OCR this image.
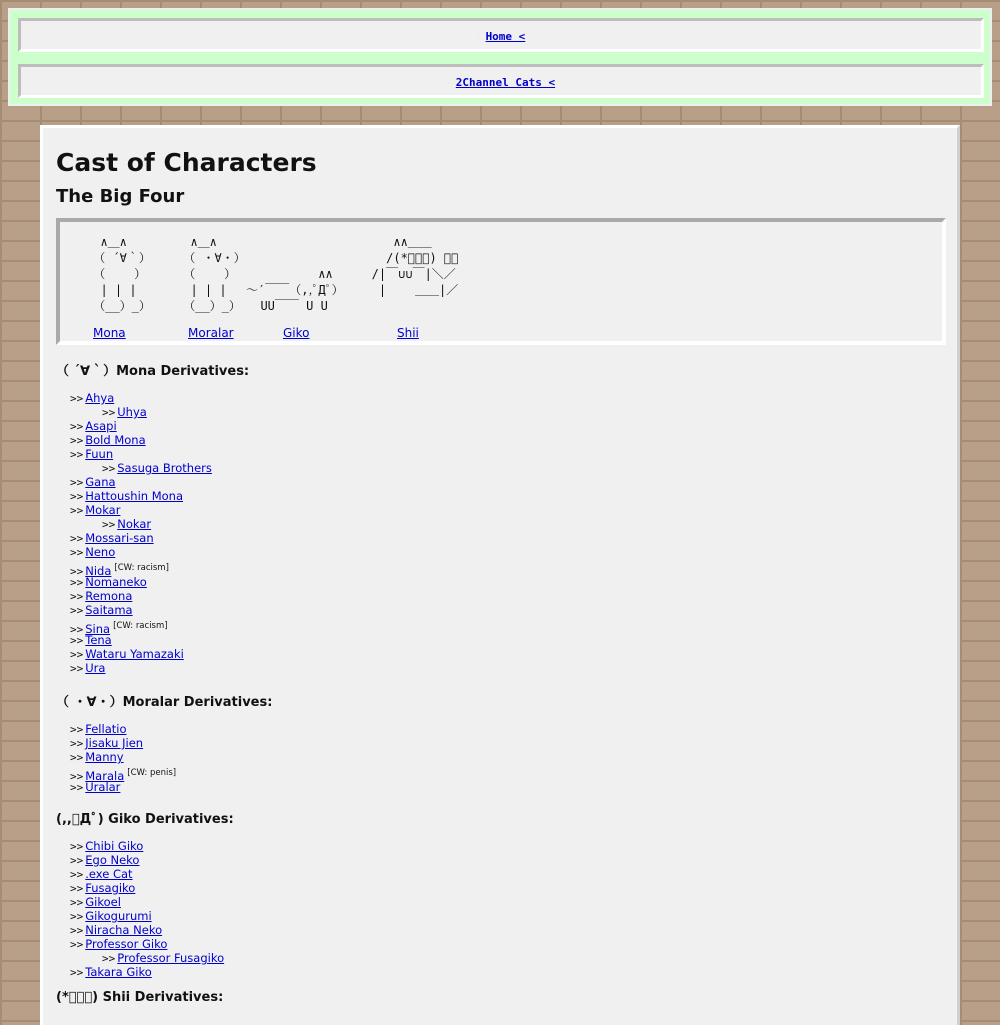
· Home <
· 2Channel Cats <
Cast of Characters
The Big Four
∧＿∧
（ ´∀｀）
（    ）
| | |
（__）_）
∧＿∧
（ ・∀・）
（    ）
| | |
（__）_）

∧∧
～′￣￣（,,ﾟДﾟ）
UU￣￣ U U
∧∧＿＿
/(*ﾟーﾟ) ／＼
/|￣∪∪￣|＼／
|    ＿＿|／

Mona	Moralar	Giko	Shii
（ ´∀｀）Mona Derivatives:
>> Ahya
>> Uhya
>> Asapi
>> Bold Mona
>> Fuun
>> Sasuga Brothers
>> Gana
>> Hattoushin Mona
>> Mokar
>> Nokar
>> Mossari-san
>> Neno
>> Nida [CW: racism]
>> Nomaneko
>> Remona
>> Saitama
>> Sina [CW: racism]
>> Tena
>> Wataru Yamazaki
>> Ura
（ ・∀・）Moralar Derivatives:
>> Fellatio
>> Jisaku Jien
>> Manny
>> Marala [CW: penis]
>> Uralar
(,,ﾟДﾟ) Giko Derivatives:
>> Chibi Giko
>> Ego Neko
>> .exe Cat
>> Fusagiko
>> Gikoel
>> Gikogurumi
>> Niracha Neko
>> Professor Giko
>> Professor Fusagiko
>> Takara Giko
(*ﾟーﾟ) Shii Derivatives:
